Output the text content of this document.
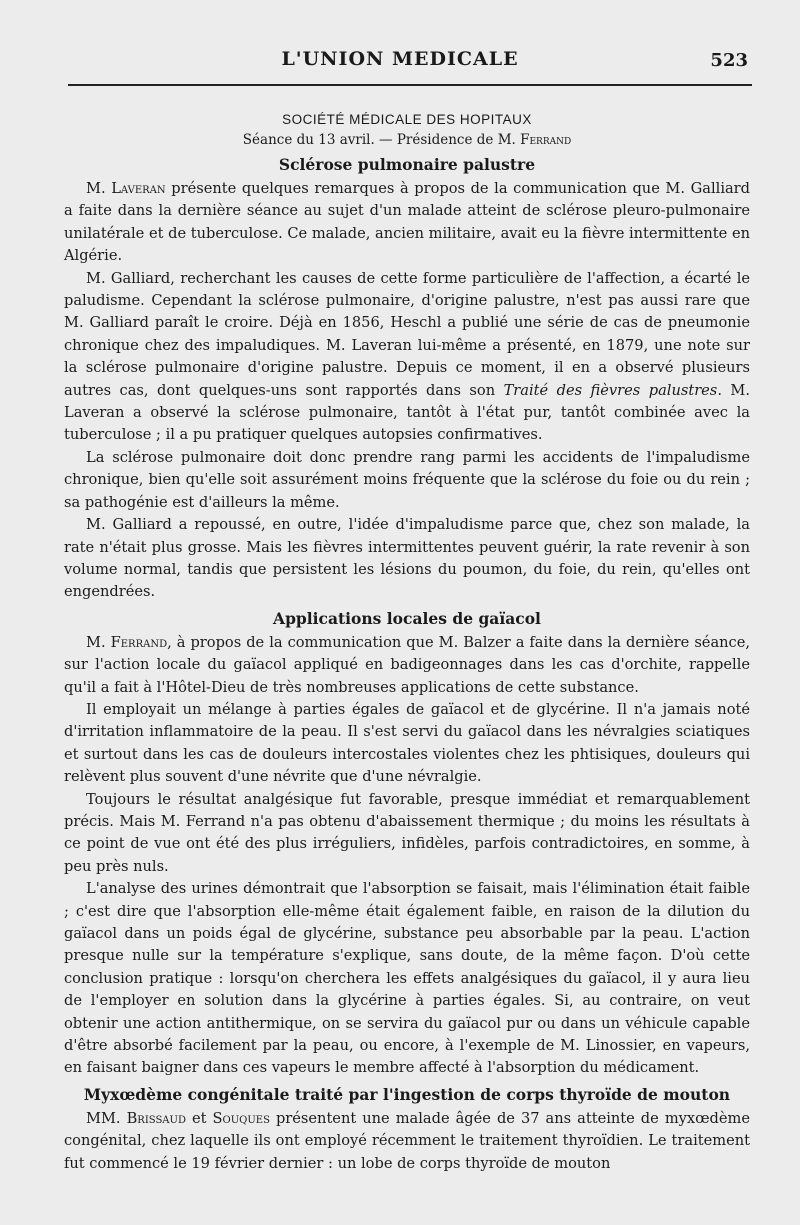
L'UNION MEDICALE	523

SOCIÉTÉ MÉDICALE DES HOPITAUX

Séance du 13 avril. — Présidence de M. Ferrand

Sclérose pulmonaire palustre

M. Laveran présente quelques remarques à propos de la communication que M. Galliard a faite dans la dernière séance au sujet d'un malade atteint de sclérose pleuro-pulmonaire unilatérale et de tuberculose. Ce malade, ancien militaire, avait eu la fièvre intermittente en Algérie.

M. Galliard, recherchant les causes de cette forme particulière de l'affection, a écarté le paludisme. Cependant la sclérose pulmonaire, d'origine palustre, n'est pas aussi rare que M. Galliard paraît le croire. Déjà en 1856, Heschl a publié une série de cas de pneumonie chronique chez des impaludiques. M. Laveran lui-même a présenté, en 1879, une note sur la sclérose pulmonaire d'origine palustre. Depuis ce moment, il en a observé plusieurs autres cas, dont quelques-uns sont rapportés dans son Traité des fièvres palustres. M. Laveran a observé la sclérose pulmonaire, tantôt à l'état pur, tantôt combinée avec la tuberculose ; il a pu pratiquer quelques autopsies confirmatives.

La sclérose pulmonaire doit donc prendre rang parmi les accidents de l'impaludisme chronique, bien qu'elle soit assurément moins fréquente que la sclérose du foie ou du rein ; sa pathogénie est d'ailleurs la même.

M. Galliard a repoussé, en outre, l'idée d'impaludisme parce que, chez son malade, la rate n'était plus grosse. Mais les fièvres intermittentes peuvent guérir, la rate revenir à son volume normal, tandis que persistent les lésions du poumon, du foie, du rein, qu'elles ont engendrées.

Applications locales de gaïacol

M. Ferrand, à propos de la communication que M. Balzer a faite dans la dernière séance, sur l'action locale du gaïacol appliqué en badigeonnages dans les cas d'orchite, rappelle qu'il a fait à l'Hôtel-Dieu de très nombreuses applications de cette substance.

Il employait un mélange à parties égales de gaïacol et de glycérine. Il n'a jamais noté d'irritation inflammatoire de la peau. Il s'est servi du gaïacol dans les névralgies sciatiques et surtout dans les cas de douleurs intercostales violentes chez les phtisiques, douleurs qui relèvent plus souvent d'une névrite que d'une névralgie.

Toujours le résultat analgésique fut favorable, presque immédiat et remarquablement précis. Mais M. Ferrand n'a pas obtenu d'abaissement thermique ; du moins les résultats à ce point de vue ont été des plus irréguliers, infidèles, parfois contradictoires, en somme, à peu près nuls.

L'analyse des urines démontrait que l'absorption se faisait, mais l'élimination était faible ; c'est dire que l'absorption elle-même était également faible, en raison de la dilution du gaïacol dans un poids égal de glycérine, substance peu absorbable par la peau. L'action presque nulle sur la température s'explique, sans doute, de la même façon. D'où cette conclusion pratique : lorsqu'on cherchera les effets analgésiques du gaïacol, il y aura lieu de l'employer en solution dans la glycérine à parties égales. Si, au contraire, on veut obtenir une action antithermique, on se servira du gaïacol pur ou dans un véhicule capable d'être absorbé facilement par la peau, ou encore, à l'exemple de M. Linossier, en vapeurs, en faisant baigner dans ces vapeurs le membre affecté à l'absorption du médicament.

Myxœdème congénitale traité par l'ingestion de corps thyroïde de mouton

MM. Brissaud et Souques présentent une malade âgée de 37 ans atteinte de myxœdème congénital, chez laquelle ils ont employé récemment le traitement thyroïdien. Le traitement fut commencé le 19 février dernier : un lobe de corps thyroïde de mouton
